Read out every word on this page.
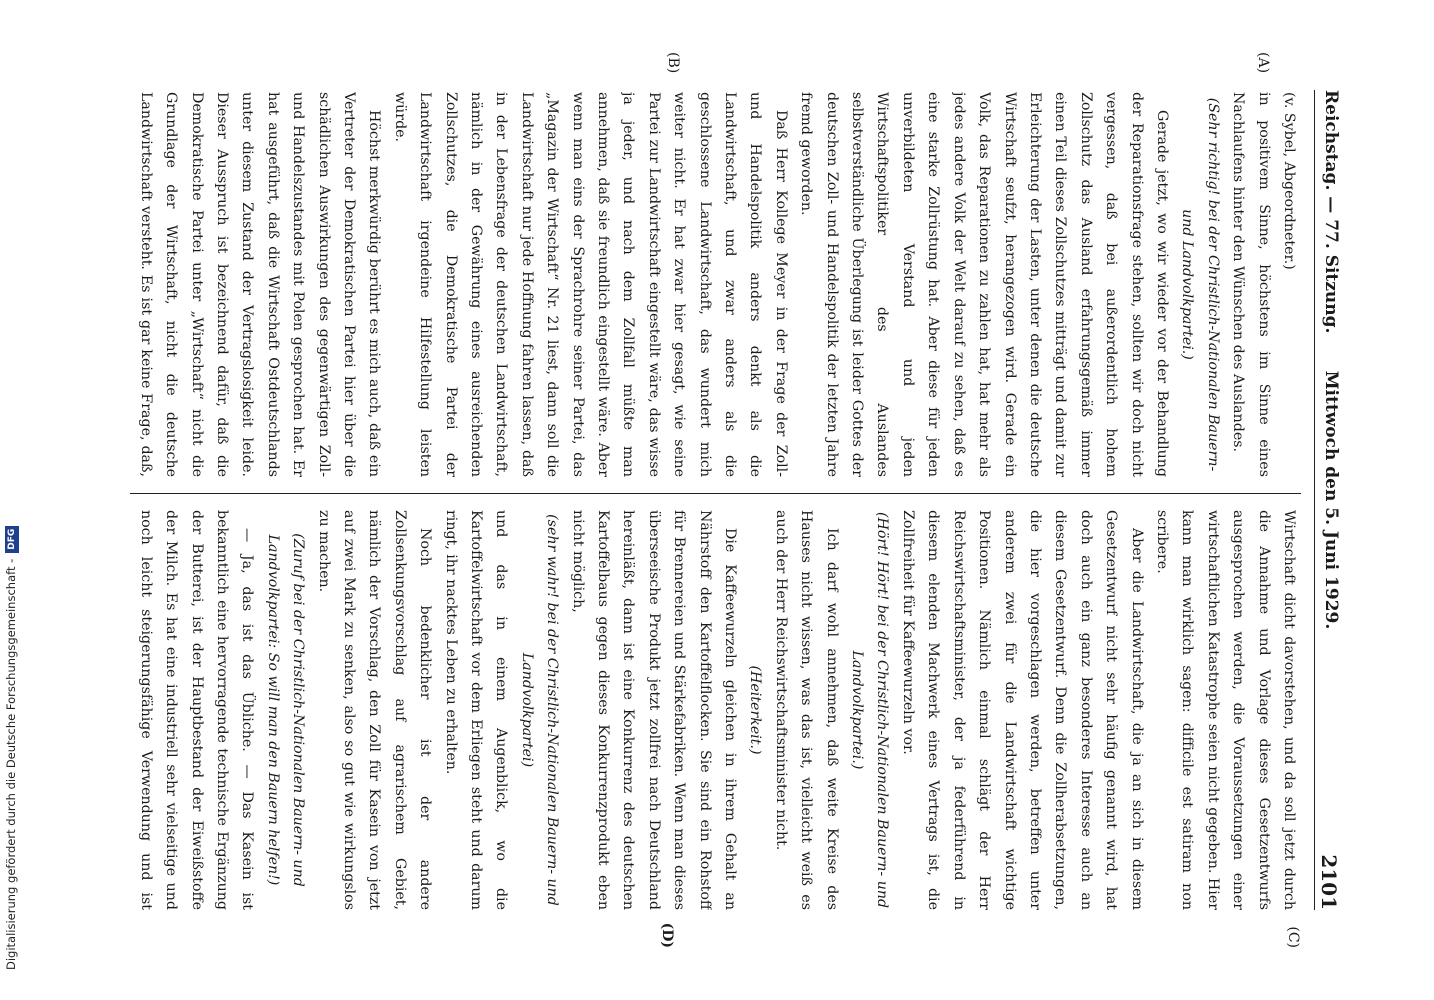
Digitalisierung gefördert durch die Deutsche Forschungsgemeinschaft -DFG
Reichstag. — 77. Sitzung.
Mittwoch den 5. Juni 1929.
2101

(v. Sybel, Abgeordneter.)

in positivem Sinne, höchstens im Sinne eines Nachlaufens hinter den Wünschen des Auslandes.

(Sehr richtig! bei der Christlich-Nationalen Bauern- und Landvolkpartei.)

Gerade jetzt, wo wir wieder vor der Behandlung der Reparationsfrage stehen, sollten wir doch nicht vergessen, daß bei außerordentlich hohem Zollschutz das Ausland erfahrungsgemäß immer einen Teil dieses Zollschutzes mitträgt und damit zur Erleichterung der Lasten, unter denen die deutsche Wirtschaft seufzt, herangezogen wird. Gerade ein Volk, das Reparationen zu zahlen hat, hat mehr als jedes andere Volk der Welt darauf zu sehen, daß es eine starke Zollrüstung hat. Aber diese für jeden unverbildeten Verstand und jeden Wirtschaftspolitiker des Auslandes selbstverständliche Überlegung ist leider Gottes der deutschen Zoll- und Handelspolitik der letzten Jahre fremd geworden.

Daß Herr Kollege Meyer in der Frage der Zoll- und Handelspolitik anders denkt als die Landwirtschaft, und zwar anders als die geschlossene Landwirtschaft, das wundert mich weiter nicht. Er hat zwar hier gesagt, wie seine Partei zur Landwirtschaft eingestellt wäre, das wisse ja jeder, und nach dem Zollfall müßte man annehmen, daß sie freundlich eingestellt wäre. Aber wenn man eins der Sprachrohre seiner Partei, das „Magazin der Wirtschaft“ Nr. 21 liest, dann soll die Landwirtschaft nur jede Hoffnung fahren lassen, daß in der Lebensfrage der deutschen Landwirtschaft, nämlich in der Gewährung eines ausreichenden Zollschutzes, die Demokratische Partei der Landwirtschaft irgendeine Hilfestellung leisten würde.

Höchst merkwürdig berührt es mich auch, daß ein Vertreter der Demokratischen Partei hier über die schädlichen Auswirkungen des gegenwärtigen Zoll- und Handelszustandes mit Polen gesprochen hat. Er hat ausgeführt, daß die Wirtschaft Ostdeutschlands unter diesem Zustand der Vertragslosigkeit leide. Dieser Ausspruch ist bezeichnend dafür, daß die Demokratische Partei unter „Wirtschaft“ nicht die Grundlage der Wirtschaft, nicht die deutsche Landwirtschaft versteht. Es ist gar keine Frage, daß,

Wirtschaft dicht davorstehen, und da soll jetzt durch die Annahme und Vorlage dieses Gesetzentwurfs ausgesprochen werden, die Voraussetzungen einer wirtschaftlichen Katastrophe seien nicht gegeben. Hier kann man wirklich sagen: difficile est satiram non scribere.

Aber die Landwirtschaft, die ja an sich in diesem Gesetzentwurf nicht sehr häufig genannt wird, hat doch auch ein ganz besonderes Interesse auch an diesem Gesetzentwurf. Denn die Zollherabsetzungen, die hier vorgeschlagen werden, betreffen unter anderem zwei für die Landwirtschaft wichtige Positionen. Nämlich einmal schlägt der Herr Reichswirtschaftsminister, der ja federführend in diesem elenden Machwerk eines Vertrags ist, die Zollfreiheit für Kaffeewurzeln vor.

(Hört! Hört! bei der Christlich-Nationalen Bauern- und Landvolkpartei.)

Ich darf wohl annehmen, daß weite Kreise des Hauses nicht wissen, was das ist, vielleicht weiß es auch der Herr Reichswirtschaftsminister nicht.

(Heiterkeit.)

Die Kaffeewurzeln gleichen in ihrem Gehalt an Nährstoff den Kartoffelflocken. Sie sind ein Rohstoff für Brennereien und Stärkefabriken. Wenn man dieses überseeische Produkt jetzt zollfrei nach Deutschland hereinläßt, dann ist eine Konkurrenz des deutschen Kartoffelbaus gegen dieses Konkurrenzprodukt eben nicht möglich,

(sehr wahr! bei der Christlich-Nationalen Bauern- und Landvolkpartei)

und das in einem Augenblick, wo die Kartoffelwirtschaft vor dem Erliegen steht und darum ringt, ihr nacktes Leben zu erhalten.

Noch bedenklicher ist der andere Zollsenkungsvorschlag auf agrarischem Gebiet, nämlich der Vorschlag, den Zoll für Kasein von jetzt auf zwei Mark zu senken, also so gut wie wirkungslos zu machen.

(Zuruf bei der Christlich-Nationalen Bauern- und Landvolkpartei: So will man den Bauern helfen!)

— Ja, das ist das Übliche. — Das Kasein ist bekanntlich eine hervorragende technische Ergänzung der Butterei, ist der Hauptbestand der Eiweißstoffe der Milch. Es hat eine industriell sehr vielseitige und noch leicht steigerungsfähige Verwendung und ist

(A)
(B)
(C)
(D)
